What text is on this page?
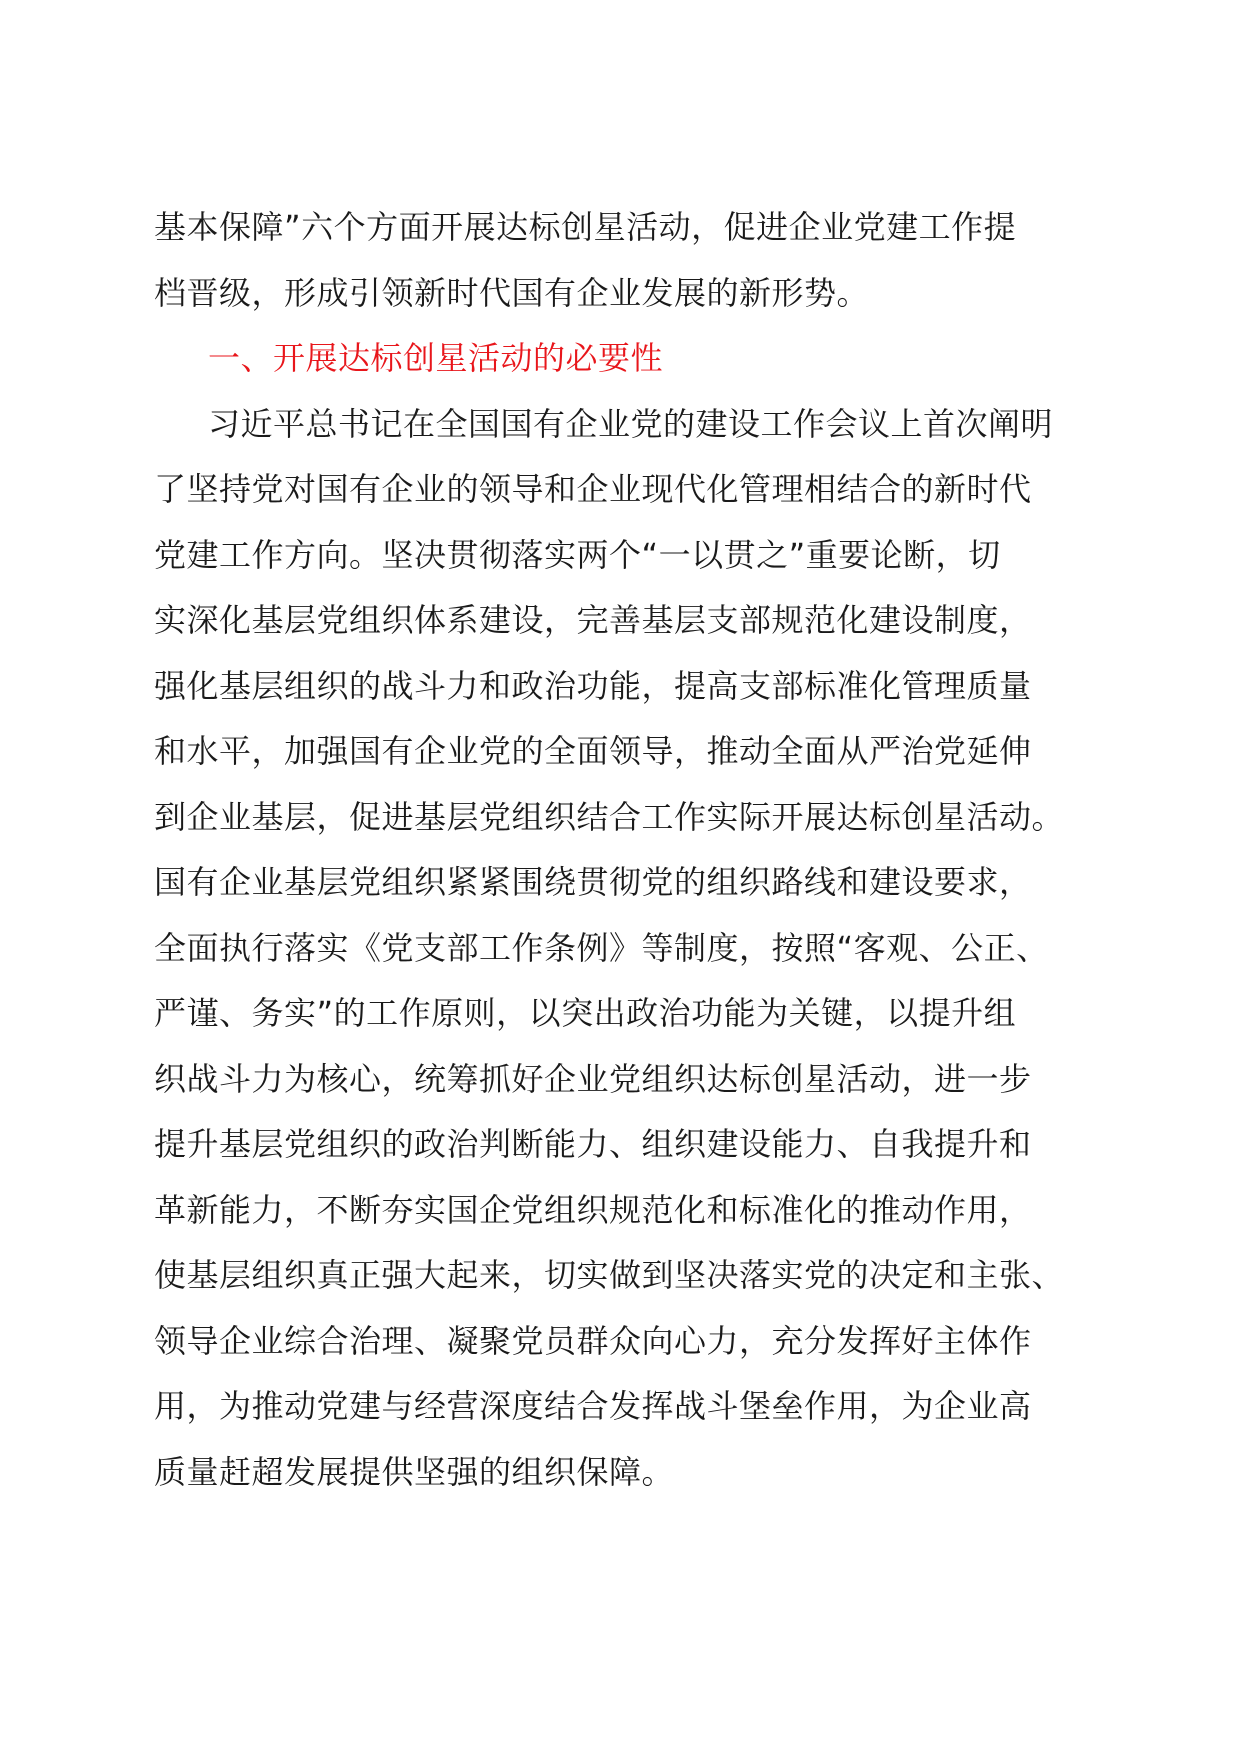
基本保障”六个方面开展达标创星活动，促进企业党建工作提
档晋级，形成引领新时代国有企业发展的新形势。
一、开展达标创星活动的必要性
习近平总书记在全国国有企业党的建设工作会议上首次阐明
了坚持党对国有企业的领导和企业现代化管理相结合的新时代
党建工作方向。坚决贯彻落实两个“一以贯之”重要论断，切
实深化基层党组织体系建设，完善基层支部规范化建设制度，
强化基层组织的战斗力和政治功能，提高支部标准化管理质量
和水平，加强国有企业党的全面领导，推动全面从严治党延伸
到企业基层，促进基层党组织结合工作实际开展达标创星活动。
国有企业基层党组织紧紧围绕贯彻党的组织路线和建设要求，
全面执行落实《党支部工作条例》等制度，按照“客观、公正、
严谨、务实”的工作原则，以突出政治功能为关键，以提升组
织战斗力为核心，统筹抓好企业党组织达标创星活动，进一步
提升基层党组织的政治判断能力、组织建设能力、自我提升和
革新能力，不断夯实国企党组织规范化和标准化的推动作用，
使基层组织真正强大起来，切实做到坚决落实党的决定和主张、
领导企业综合治理、凝聚党员群众向心力，充分发挥好主体作
用，为推动党建与经营深度结合发挥战斗堡垒作用，为企业高
质量赶超发展提供坚强的组织保障。
